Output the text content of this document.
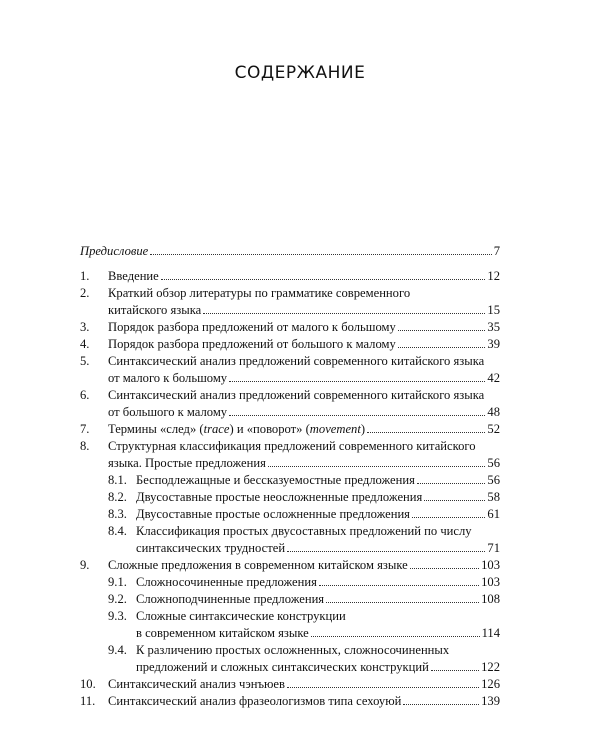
СОДЕРЖАНИЕ
Предисловие	7
1.	Введение	12
2.	Краткий обзор литературы по грамматике современного
китайского языка	15
3.	Порядок разбора предложений от малого к большому	35
4.	Порядок разбора предложений от большого к малому	39
5.	Синтаксический анализ предложений современного китайского языка
от малого к большому	42
6.	Синтаксический анализ предложений современного китайского языка
от большого к малому	48
7.	Термины «след» (trace) и «поворот» (movement)	52
8.	Структурная классификация предложений современного китайского
языка. Простые предложения	56
8.1. Бесподлежащные и бессказуемостные предложения	56
8.2. Двусоставные простые неосложненные предложения	58
8.3. Двусоставные простые осложненные предложения	61
8.4. Классификация простых двусоставных предложений по числу
синтаксических трудностей	71
9.	Сложные предложения в современном китайском языке	103
9.1. Сложносочиненные предложения	103
9.2. Сложноподчиненные предложения	108
9.3. Сложные синтаксические конструкции
в современном китайском языке	114
9.4. К различению простых осложненных, сложносочиненных
предложений и сложных синтаксических конструкций	122
10. Синтаксический анализ чэнъюев	126
11.	Синтаксический анализ фразеологизмов типа сехоуюй	139
